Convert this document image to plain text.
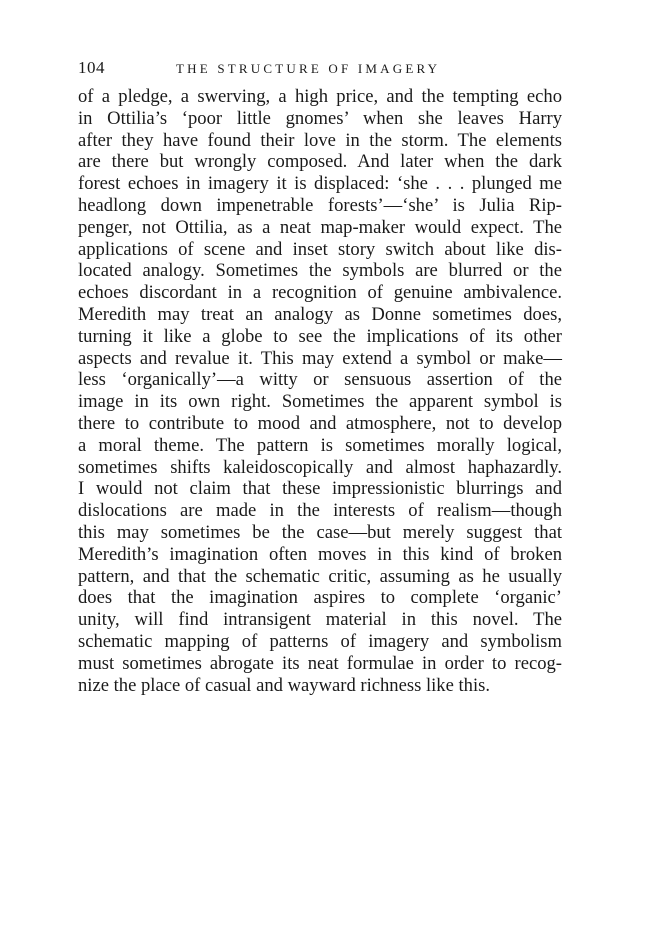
104	THE STRUCTURE OF IMAGERY
of a pledge, a swerving, a high price, and the tempting echo
in Ottilia’s ‘poor little gnomes’ when she leaves Harry
after they have found their love in the storm. The elements
are there but wrongly composed. And later when the dark
forest echoes in imagery it is displaced: ‘she . . . plunged me
headlong down impenetrable forests’—‘she’ is Julia Rip-
penger, not Ottilia, as a neat map-maker would expect. The
applications of scene and inset story switch about like dis-
located analogy. Sometimes the symbols are blurred or the
echoes discordant in a recognition of genuine ambivalence.
Meredith may treat an analogy as Donne sometimes does,
turning it like a globe to see the implications of its other
aspects and revalue it. This may extend a symbol or make—
less ‘organically’—a witty or sensuous assertion of the
image in its own right. Sometimes the apparent symbol is
there to contribute to mood and atmosphere, not to develop
a moral theme. The pattern is sometimes morally logical,
sometimes shifts kaleidoscopically and almost haphazardly.
I would not claim that these impressionistic blurrings and
dislocations are made in the interests of realism—though
this may sometimes be the case—but merely suggest that
Meredith’s imagination often moves in this kind of broken
pattern, and that the schematic critic, assuming as he usually
does that the imagination aspires to complete ‘organic’
unity, will find intransigent material in this novel. The
schematic mapping of patterns of imagery and symbolism
must sometimes abrogate its neat formulae in order to recog-
nize the place of casual and wayward richness like this.
